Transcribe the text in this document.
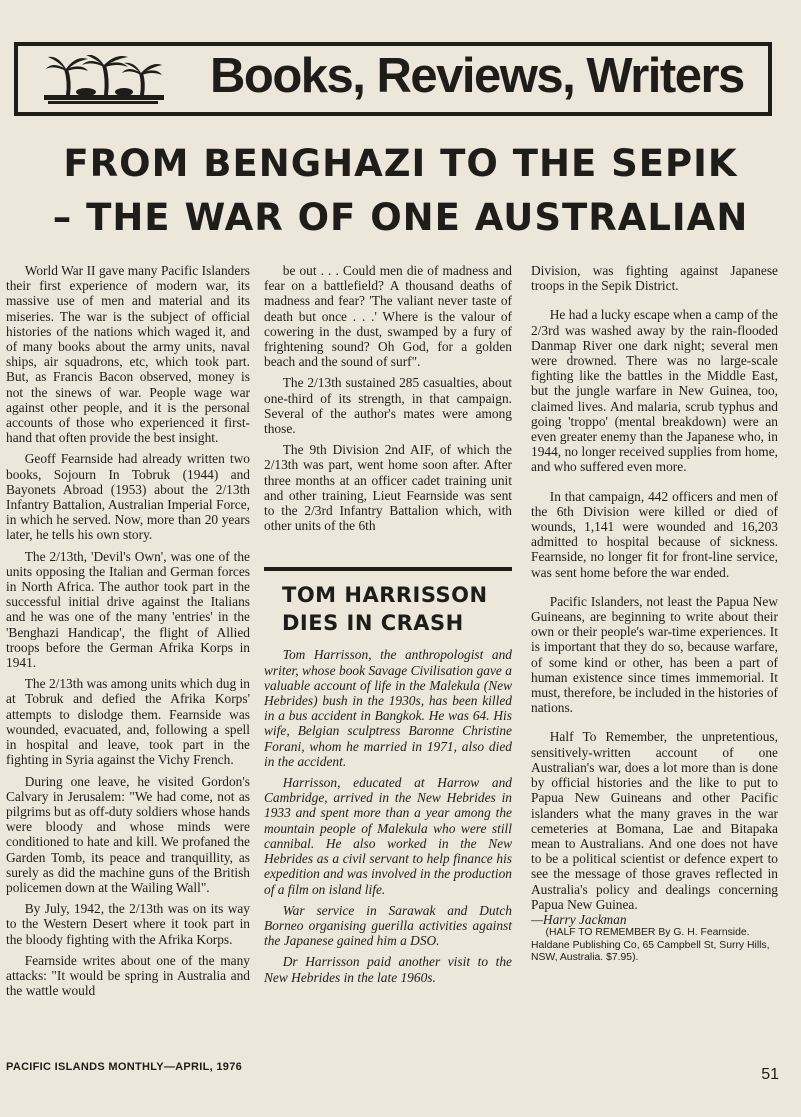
Books, Reviews, Writers
FROM BENGHAZI TO THE SEPIK
– THE WAR OF ONE AUSTRALIAN

World War II gave many Pacific Islanders their first experience of modern war, its massive use of men and material and its miseries. The war is the subject of official histories of the nations which waged it, and of many books about the army units, naval ships, air squadrons, etc, which took part. But, as Francis Bacon observed, money is not the sinews of war. People wage war against other people, and it is the personal accounts of those who experienced it first-hand that often provide the best insight.

Geoff Fearnside had already written two books, Sojourn In Tobruk (1944) and Bayonets Abroad (1953) about the 2/13th Infantry Battalion, Australian Imperial Force, in which he served. Now, more than 20 years later, he tells his own story.

The 2/13th, 'Devil's Own', was one of the units opposing the Italian and German forces in North Africa. The author took part in the successful initial drive against the Italians and he was one of the many 'entries' in the 'Benghazi Handicap', the flight of Allied troops before the German Afrika Korps in 1941.

The 2/13th was among units which dug in at Tobruk and defied the Afrika Korps' attempts to dislodge them. Fearnside was wounded, evacuated, and, following a spell in hospital and leave, took part in the fighting in Syria against the Vichy French.

During one leave, he visited Gordon's Calvary in Jerusalem: "We had come, not as pilgrims but as off-duty soldiers whose hands were bloody and whose minds were conditioned to hate and kill. We profaned the Garden Tomb, its peace and tranquillity, as surely as did the machine guns of the British policemen down at the Wailing Wall".

By July, 1942, the 2/13th was on its way to the Western Desert where it took part in the bloody fighting with the Afrika Korps.

Fearnside writes about one of the many attacks: "It would be spring in Australia and the wattle would

be out . . . Could men die of madness and fear on a battlefield? A thousand deaths of madness and fear? 'The valiant never taste of death but once . . .' Where is the valour of cowering in the dust, swamped by a fury of frightening sound? Oh God, for a golden beach and the sound of surf".

The 2/13th sustained 285 casualties, about one-third of its strength, in that campaign. Several of the author's mates were among those.

The 9th Division 2nd AIF, of which the 2/13th was part, went home soon after. After three months at an officer cadet training unit and other training, Lieut Fearnside was sent to the 2/3rd Infantry Battalion which, with other units of the 6th

TOM HARRISSON
DIES IN CRASH

Tom Harrisson, the anthropologist and writer, whose book Savage Civilisation gave a valuable account of life in the Malekula (New Hebrides) bush in the 1930s, has been killed in a bus accident in Bangkok. He was 64. His wife, Belgian sculptress Baronne Christine Forani, whom he married in 1971, also died in the accident.

Harrisson, educated at Harrow and Cambridge, arrived in the New Hebrides in 1933 and spent more than a year among the mountain people of Malekula who were still cannibal. He also worked in the New Hebrides as a civil servant to help finance his expedition and was involved in the production of a film on island life.

War service in Sarawak and Dutch Borneo organising guerilla activities against the Japanese gained him a DSO.

Dr Harrisson paid another visit to the New Hebrides in the late 1960s.

Division, was fighting against Japanese troops in the Sepik District.

He had a lucky escape when a camp of the 2/3rd was washed away by the rain-flooded Danmap River one dark night; several men were drowned. There was no large-scale fighting like the battles in the Middle East, but the jungle warfare in New Guinea, too, claimed lives. And malaria, scrub typhus and going 'troppo' (mental breakdown) were an even greater enemy than the Japanese who, in 1944, no longer received supplies from home, and who suffered even more.

In that campaign, 442 officers and men of the 6th Division were killed or died of wounds, 1,141 were wounded and 16,203 admitted to hospital because of sickness. Fearnside, no longer fit for front-line service, was sent home before the war ended.

Pacific Islanders, not least the Papua New Guineans, are beginning to write about their own or their people's war-time experiences. It is important that they do so, because warfare, of some kind or other, has been a part of human existence since times immemorial. It must, therefore, be included in the histories of nations.

Half To Remember, the unpretentious, sensitively-written account of one Australian's war, does a lot more than is done by official histories and the like to put to Papua New Guineans and other Pacific islanders what the many graves in the war cemeteries at Bomana, Lae and Bitapaka mean to Australians. And one does not have to be a political scientist or defence expert to see the message of those graves reflected in Australia's policy and dealings concerning Papua New Guinea.

—Harry Jackman

(HALF TO REMEMBER By G. H. Fearnside. Haldane Publishing Co, 65 Campbell St, Surry Hills, NSW, Australia. $7.95).

PACIFIC ISLANDS MONTHLY—APRIL, 1976	51
